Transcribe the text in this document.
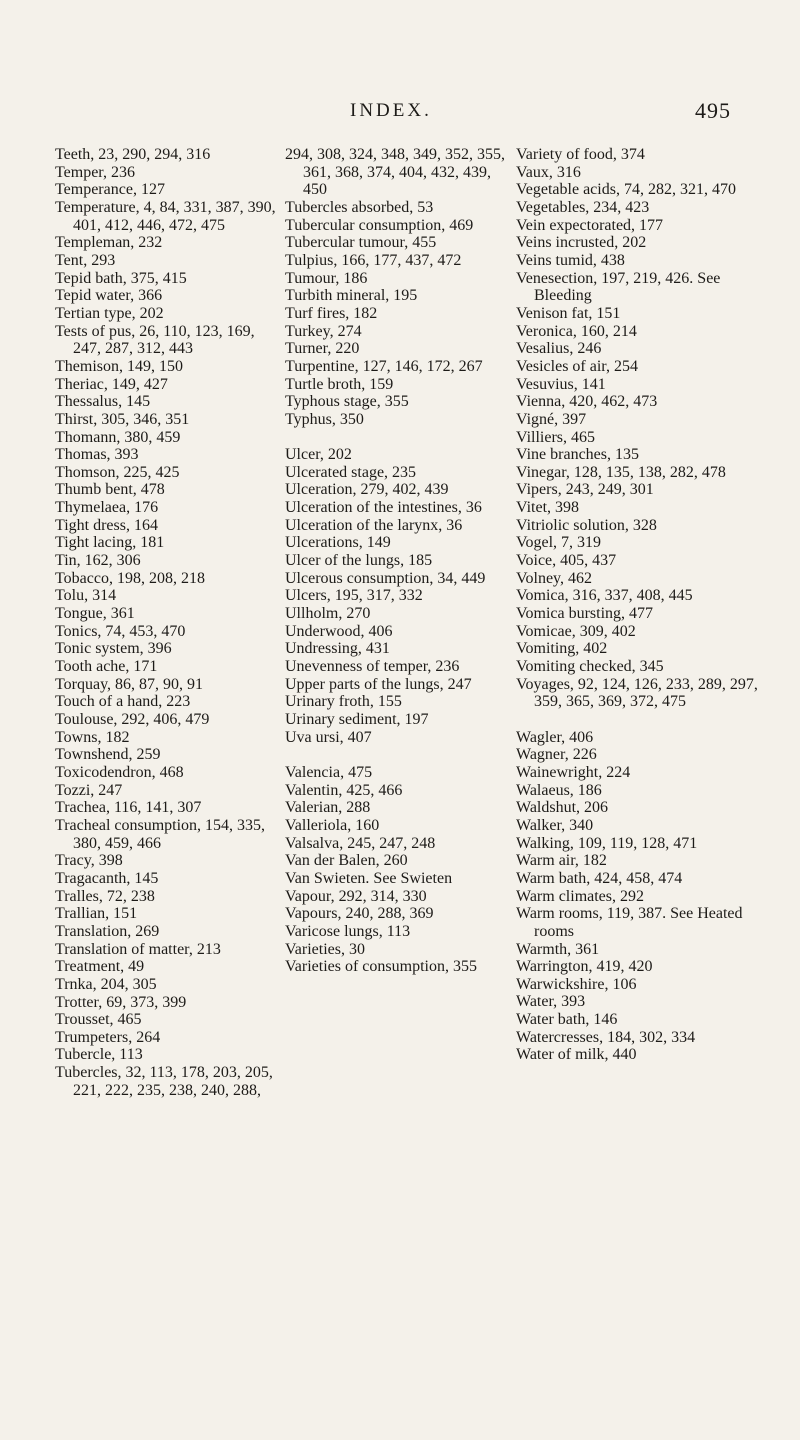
INDEX.	495
Teeth, 23, 290, 294, 316
Temper, 236
Temperance, 127
Temperature, 4, 84, 331, 387, 390, 401, 412, 446, 472, 475
Templeman, 232
Tent, 293
Tepid bath, 375, 415
Tepid water, 366
Tertian type, 202
Tests of pus, 26, 110, 123, 169, 247, 287, 312, 443
Themison, 149, 150
Theriac, 149, 427
Thessalus, 145
Thirst, 305, 346, 351
Thomann, 380, 459
Thomas, 393
Thomson, 225, 425
Thumb bent, 478
Thymelaea, 176
Tight dress, 164
Tight lacing, 181
Tin, 162, 306
Tobacco, 198, 208, 218
Tolu, 314
Tongue, 361
Tonics, 74, 453, 470
Tonic system, 396
Tooth ache, 171
Torquay, 86, 87, 90, 91
Touch of a hand, 223
Toulouse, 292, 406, 479
Towns, 182
Townshend, 259
Toxicodendron, 468
Tozzi, 247
Trachea, 116, 141, 307
Tracheal consumption, 154, 335, 380, 459, 466
Tracy, 398
Tragacanth, 145
Tralles, 72, 238
Trallian, 151
Translation, 269
Translation of matter, 213
Treatment, 49
Trnka, 204, 305
Trotter, 69, 373, 399
Trousset, 465
Trumpeters, 264
Tubercle, 113
Tubercles, 32, 113, 178, 203, 205, 221, 222, 235, 238, 240, 288,
294, 308, 324, 348, 349, 352, 355, 361, 368, 374, 404, 432, 439, 450
Tubercles absorbed, 53
Tubercular consumption, 469
Tubercular tumour, 455
Tulpius, 166, 177, 437, 472
Tumour, 186
Turbith mineral, 195
Turf fires, 182
Turkey, 274
Turner, 220
Turpentine, 127, 146, 172, 267
Turtle broth, 159
Typhous stage, 355
Typhus, 350
Ulcer, 202
Ulcerated stage, 235
Ulceration, 279, 402, 439
Ulceration of the intestines, 36
Ulceration of the larynx, 36
Ulcerations, 149
Ulcer of the lungs, 185
Ulcerous consumption, 34, 449
Ulcers, 195, 317, 332
Ullholm, 270
Underwood, 406
Undressing, 431
Unevenness of temper, 236
Upper parts of the lungs, 247
Urinary froth, 155
Urinary sediment, 197
Uva ursi, 407
Valencia, 475
Valentin, 425, 466
Valerian, 288
Valleriola, 160
Valsalva, 245, 247, 248
Van der Balen, 260
Van Swieten. See Swieten
Vapour, 292, 314, 330
Vapours, 240, 288, 369
Varicose lungs, 113
Varieties, 30
Varieties of consumption, 355
Variety of food, 374
Vaux, 316
Vegetable acids, 74, 282, 321, 470
Vegetables, 234, 423
Vein expectorated, 177
Veins incrusted, 202
Veins tumid, 438
Venesection, 197, 219, 426. See Bleeding
Venison fat, 151
Veronica, 160, 214
Vesalius, 246
Vesicles of air, 254
Vesuvius, 141
Vienna, 420, 462, 473
Vigné, 397
Villiers, 465
Vine branches, 135
Vinegar, 128, 135, 138, 282, 478
Vipers, 243, 249, 301
Vitet, 398
Vitriolic solution, 328
Vogel, 7, 319
Voice, 405, 437
Volney, 462
Vomica, 316, 337, 408, 445
Vomica bursting, 477
Vomicae, 309, 402
Vomiting, 402
Vomiting checked, 345
Voyages, 92, 124, 126, 233, 289, 297, 359, 365, 369, 372, 475
Wagler, 406
Wagner, 226
Wainewright, 224
Walaeus, 186
Waldshut, 206
Walker, 340
Walking, 109, 119, 128, 471
Warm air, 182
Warm bath, 424, 458, 474
Warm climates, 292
Warm rooms, 119, 387. See Heated rooms
Warmth, 361
Warrington, 419, 420
Warwickshire, 106
Water, 393
Water bath, 146
Watercresses, 184, 302, 334
Water of milk, 440
